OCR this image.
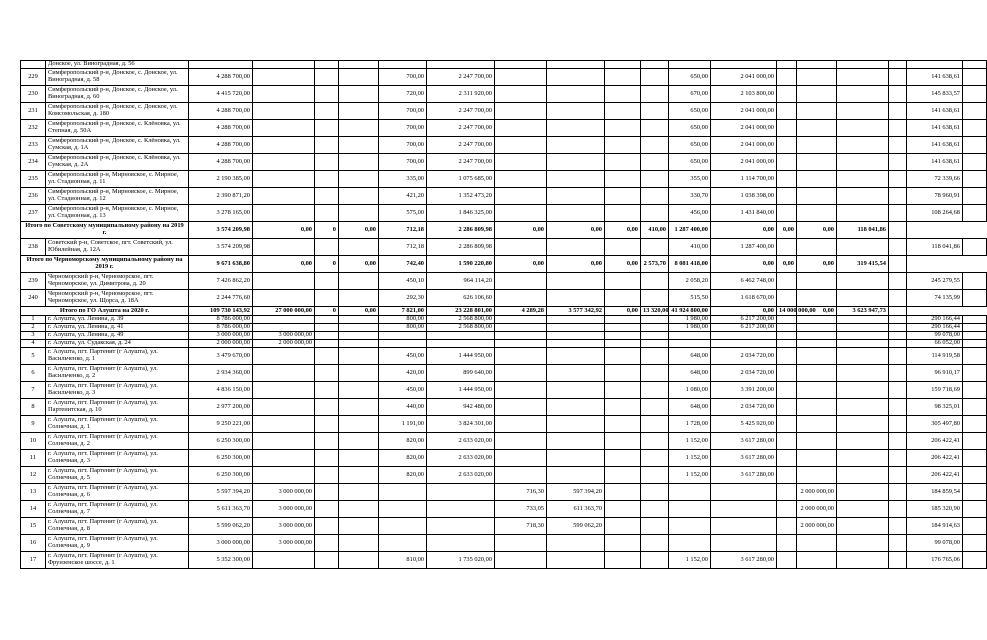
	Донское, ул. Виноградная, д. 56																		
229	Симферопольский р-н, Донское, с. Донское, ул. Виноградная, д. 58	4 288 700,00				700,00	2 247 700,00					650,00	2 041 000,00					141 638,61	
230	Симферопольский р-н, Донское, с. Донское, ул. Виноградная, д. 60	4 415 720,00				720,00	2 311 920,00					670,00	2 103 800,00					145 833,57	
231	Симферопольский р-н, Донское, с. Донское, ул. Комсомольская, д. 180	4 288 700,00				700,00	2 247 700,00					650,00	2 041 000,00					141 638,61	
232	Симферопольский р-н, Донское, с. Клёновка, ул. Степная, д. 50А	4 288 700,00				700,00	2 247 700,00					650,00	2 041 000,00					141 638,61	
233	Симферопольский р-н, Донское, с. Клёновка, ул. Сумская, д. 1А	4 288 700,00				700,00	2 247 700,00					650,00	2 041 000,00					141 638,61	
234	Симферопольский р-н, Донское, с. Клёновка, ул. Сумская, д. 2А	4 288 700,00				700,00	2 247 700,00					650,00	2 041 000,00					141 638,61	
235	Симферопольский р-н, Мирновское, с. Мирное, ул. Стадионная, д. 11	2 190 385,00				335,00	1 075 685,00					355,00	1 114 700,00					72 339,66	
236	Симферопольский р-н, Мирновское, с. Мирное, ул. Стадионная, д. 12	2 390 871,20				421,20	1 352 473,20					330,70	1 038 398,00					78 960,91	
237	Симферопольский р-н, Мирновское, с. Мирное, ул. Стадионная, д. 13	3 278 165,00				575,00	1 846 325,00					456,00	1 431 840,00					108 264,68	
Итого по Советскому муниципальному району на 2019 г.		3 574 209,98	0,00	0	0,00	712,18	2 286 809,98	0,00	0,00	0,00	410,00	1 287 400,00	0,00	0,00	0,00	118 041,86			
238	Советский р-н, Советское, пгт. Советский, ул. Юбилейная, д. 12А	3 574 209,98				712,18	2 286 809,98					410,00	1 287 400,00					118 041,86	
Итого по Черноморскому муниципальному району на 2019 г.		9 671 638,80	0,00	0	0,00	742,40	1 590 220,80	0,00	0,00	0,00	2 573,70	8 081 418,00	0,00	0,00	0,00	319 415,54			
239	Черноморский р-н, Черноморское, пгт. Черноморское, ул. Димитрова, д. 20	7 426 862,20				450,10	964 114,20					2 058,20	6 462 748,00					245 279,55	
240	Черноморский р-н, Черноморское, пгт. Черноморское, ул. Щорса, д. 18А	2 244 776,60				292,30	626 106,60					515,50	1 618 670,00					74 135,99	
Итого по ГО Алушта на 2020 г.		109 730 143,92	27 000 000,00	0	0,00	7 821,00	23 228 801,00	4 289,28	3 577 342,92	0,00	13 320,00	41 924 800,00	0,00	14 000 000,00	0,00	3 623 947,73			
1	г. Алушта, ул. Ленина, д. 39	8 786 000,00				800,00	2 568 800,00					1 980,00	6 217 200,00					290 166,44	
2	г. Алушта, ул. Ленина, д. 41	8 786 000,00				800,00	2 568 800,00					1 980,00	6 217 200,00					290 166,44	
3	г. Алушта, ул. Ленина, д. 49	3 000 000,00	3 000 000,00															99 078,00	
4	г. Алушта, ул. Судакская, д. 24	2 000 000,00	2 000 000,00															66 052,00	
5	г. Алушта, пгт. Партенит (г Алушта), ул. Васильченко, д. 1	3 479 670,00				450,00	1 444 950,00					648,00	2 034 720,00					114 919,58	
6	г. Алушта, пгт. Партенит (г Алушта), ул. Васильченко, д. 2	2 934 360,00				420,00	899 640,00					648,00	2 034 720,00					96 910,17	
7	г. Алушта, пгт. Партенит (г Алушта), ул. Васильченко, д. 3	4 836 150,00				450,00	1 444 950,00					1 080,00	3 391 200,00					159 718,69	
8	г. Алушта, пгт. Партенит (г Алушта), ул. Партенитская, д. 10	2 977 200,00				440,00	942 480,00					648,00	2 034 720,00					98 325,01	
9	г. Алушта, пгт. Партенит (г Алушта), ул. Солнечная, д. 1	9 250 221,00				1 191,00	3 824 301,00					1 728,00	5 425 920,00					305 497,80	
10	г. Алушта, пгт. Партенит (г Алушта), ул. Солнечная, д. 2	6 250 300,00				820,00	2 633 020,00					1 152,00	3 617 280,00					206 422,41	
11	г. Алушта, пгт. Партенит (г Алушта), ул. Солнечная, д. 3	6 250 300,00				820,00	2 633 020,00					1 152,00	3 617 280,00					206 422,41	
12	г. Алушта, пгт. Партенит (г Алушта), ул. Солнечная, д. 5	6 250 300,00				820,00	2 633 020,00					1 152,00	3 617 280,00					206 422,41	
13	г. Алушта, пгт. Партенит (г Алушта), ул. Солнечная, д. 6	5 597 394,20	3 000 000,00					716,30	597 394,20						2 000 000,00			184 859,54	
14	г. Алушта, пгт. Партенит (г Алушта), ул. Солнечная, д. 7	5 611 363,70	3 000 000,00					733,05	611 363,70						2 000 000,00			185 320,90	
15	г. Алушта, пгт. Партенит (г Алушта), ул. Солнечная, д. 8	5 599 062,20	3 000 000,00					718,30	599 062,20						2 000 000,00			184 914,63	
16	г. Алушта, пгт. Партенит (г Алушта), ул. Солнечная, д. 9	3 000 000,00	3 000 000,00															99 078,00	
17	г. Алушта, пгт. Партенит (г Алушта), ул. Фрунзенское шоссе, д. 1	5 352 300,00				810,00	1 735 020,00					1 152,00	3 617 280,00					176 765,06	
